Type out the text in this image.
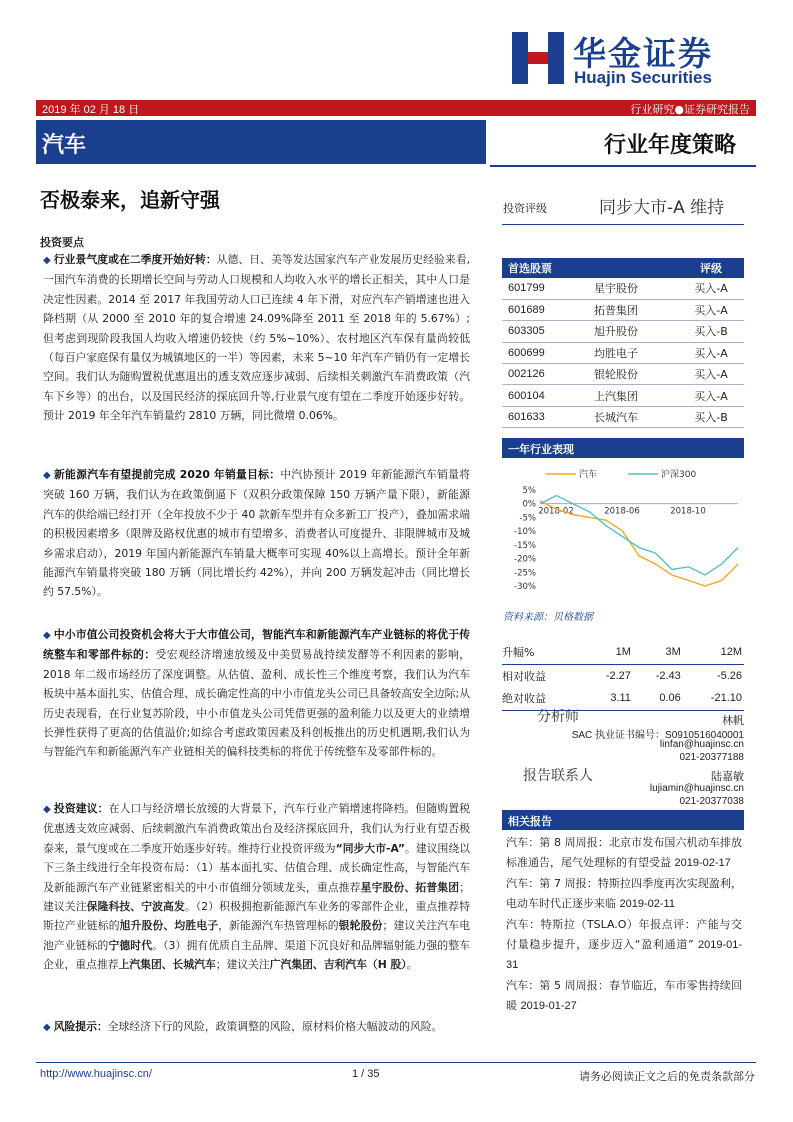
华金证券
Huajin Securities
2019 年 02 月 18 日	行业研究●证券研究报告
汽车	行业年度策略
否极泰来，追新守强
投资要点
◆ 行业景气度或在二季度开始好转：从德、日、美等发达国家汽车产业发展历史经验来看,一国汽车消费的长期增长空间与劳动人口规模和人均收入水平的增长正相关，其中人口是决定性因素。2014 至 2017 年我国劳动人口已连续 4 年下滑，对应汽车产销增速也进入降档期（从 2000 至 2010 年的复合增速 24.09%降至 2011 至 2018 年的 5.67%）;但考虑到现阶段我国人均收入增速仍较快（约 5%~10%）、农村地区汽车保有量尚较低（每百户家庭保有量仅为城镇地区的一半）等因素，未来 5~10 年汽车产销仍有一定增长空间。我们认为随购置税优惠退出的透支效应逐步减弱、后续相关刺激汽车消费政策（汽车下乡等）的出台，以及国民经济的探底回升等,行业景气度有望在二季度开始逐步好转。预计 2019 年全年汽车销量约 2810 万辆，同比微增 0.06%。
◆ 新能源汽车有望提前完成 2020 年销量目标：中汽协预计 2019 年新能源汽车销量将突破 160 万辆，我们认为在政策倒逼下（双积分政策保障 150 万辆产量下限），新能源汽车的供给端已经打开（全年投放不少于 40 款新车型并有众多新工厂投产），叠加需求端的积极因素增多（限牌及路权优惠的城市有望增多、消费者认可度提升、非限牌城市及城乡需求启动），2019 年国内新能源汽车销量大概率可实现 40%以上高增长。预计全年新能源汽车销量将突破 180 万辆（同比增长约 42%），并向 200 万辆发起冲击（同比增长约 57.5%）。
◆ 中小市值公司投资机会将大于大市值公司，智能汽车和新能源汽车产业链标的将优于传统整车和零部件标的：受宏观经济增速放缓及中美贸易战持续发酵等不利因素的影响，2018 年二级市场经历了深度调整。从估值、盈利、成长性三个维度考察，我们认为汽车板块中基本面扎实、估值合理、成长确定性高的中小市值龙头公司已具备较高安全边际;从历史表现看，在行业复苏阶段，中小市值龙头公司凭借更强的盈利能力以及更大的业绩增长弹性获得了更高的估值溢价;如综合考虑政策因素及科创板推出的历史机遇期,我们认为与智能汽车和新能源汽车产业链相关的偏科技类标的将优于传统整车及零部件标的。
◆ 投资建议：在人口与经济增长放缓的大背景下，汽车行业产销增速将降档。但随购置税优惠透支效应减弱、后续刺激汽车消费政策出台及经济探底回升，我们认为行业有望否极泰来，景气度或在二季度开始逐步好转。维持行业投资评级为“同步大市-A”。建议围绕以下三条主线进行全年投资布局：（1）基本面扎实、估值合理、成长确定性高，与智能汽车及新能源汽车产业链紧密相关的中小市值细分领域龙头，重点推荐星宇股份、拓普集团；建议关注保隆科技、宁波高发。（2）积极拥抱新能源汽车业务的零部件企业，重点推荐特斯拉产业链标的旭升股份、均胜电子，新能源汽车热管理标的银轮股份；建议关注汽车电池产业链标的宁德时代。（3）拥有优质自主品牌、渠道下沉良好和品牌辐射能力强的整车企业，重点推荐上汽集团、长城汽车；建议关注广汽集团、吉利汽车（H 股）。
◆ 风险提示：全球经济下行的风险，政策调整的风险，原材料价格大幅波动的风险。
投资评级	同步大市-A 维持
首选股票		评级
601799	星宇股份	买入-A
601689	拓普集团	买入-A
603305	旭升股份	买入-B
600699	均胜电子	买入-A
002126	银轮股份	买入-A
600104	上汽集团	买入-A
601633	长城汽车	买入-B
一年行业表现
汽车	沪深300
5%
0%
-5%
-10%
-15%
-20%
-25%
-30%
2018-02	2018-06	2018-10
资料来源：贝格数据
升幅%	1M	3M	12M
相对收益	-2.27	-2.43	-5.26
绝对收益	3.11	0.06	-21.10
分析师	林帆
SAC 执业证书编号：S0910516040001
linfan@huajinsc.cn
021-20377188
报告联系人	陆嘉敏
lujiamin@huajinsc.cn
021-20377038
相关报告
汽车：第 8 周周报：北京市发布国六机动车排放标准通告，尾气处理标的有望受益 2019-02-17
汽车：第 7 周报：特斯拉四季度再次实现盈利，电动车时代正逐步来临 2019-02-11
汽车：特斯拉（TSLA.O）年报点评：产能与交付量稳步提升，逐步迈入“盈利通道” 2019-01-31
汽车：第 5 周周报：春节临近，车市零售持续回暖 2019-01-27
http://www.huajinsc.cn/	1 / 35	请务必阅读正文之后的免责条款部分
